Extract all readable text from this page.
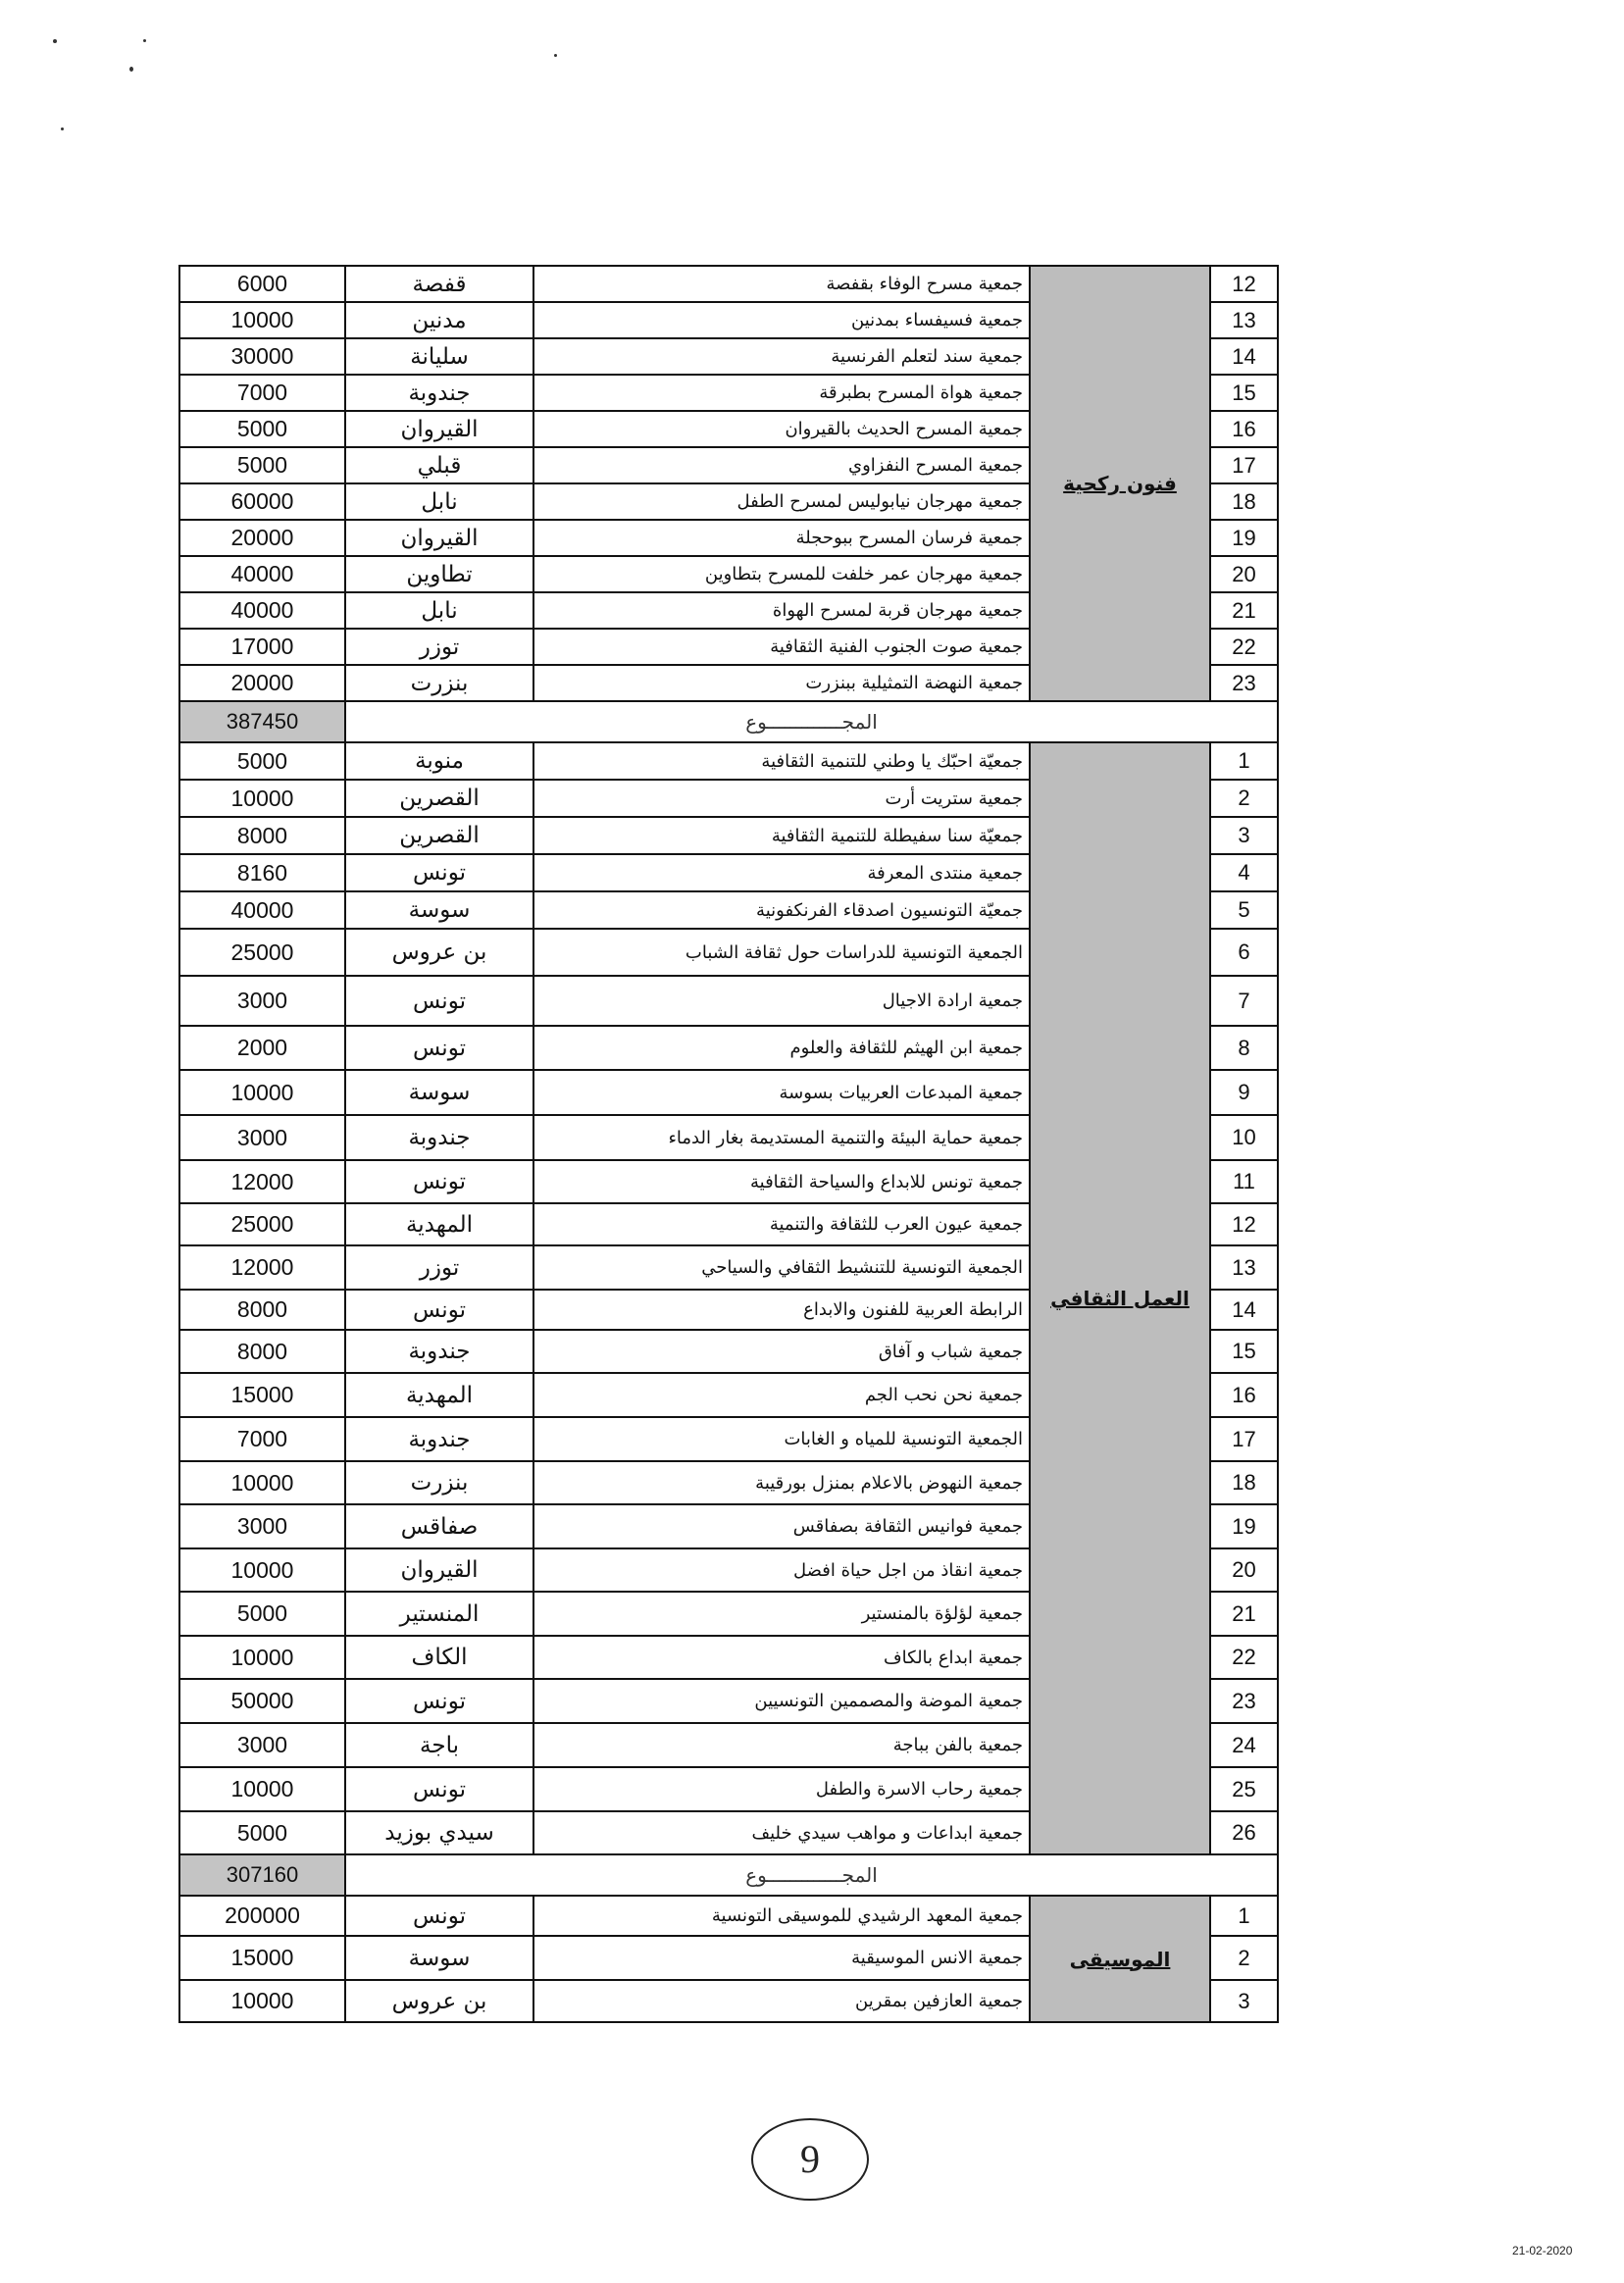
6000	قفصة	جمعية مسرح الوفاء بقفصة	فنون ركحية	12
10000	مدنين	جمعية فسيفساء بمدنين		13
30000	سليانة	جمعية سند لتعلم الفرنسية		14
7000	جندوبة	جمعية هواة المسرح بطبرقة		15
5000	القيروان	جمعية المسرح الحديث بالقيروان		16
5000	قبلي	جمعية المسرح النفزاوي		17
60000	نابل	جمعية مهرجان نيابوليس لمسرح الطفل		18
20000	القيروان	جمعية فرسان المسرح ببوحجلة		19
40000	تطاوين	جمعية مهرجان عمر خلفت للمسرح بتطاوين		20
40000	نابل	جمعية مهرجان قربة لمسرح الهواة		21
17000	توزر	جمعية صوت الجنوب الفنية الثقافية		22
20000	بنزرت	جمعية النهضة التمثيلية ببنزرت		23
387450	المجـــــــــــــوع			
5000	منوبة	جمعيّة احبّك يا وطني للتنمية الثقافية	العمل الثقافي	1
10000	القصرين	جمعية ستريت أرت		2
8000	القصرين	جمعيّة سنا سفيطلة للتنمية الثقافية		3
8160	تونس	جمعية منتدى المعرفة		4
40000	سوسة	جمعيّة التونسيون اصدقاء الفرنكفونية		5
25000	بن عروس	الجمعية التونسية للدراسات حول ثقافة الشباب		6
3000	تونس	جمعية ارادة الاجيال		7
2000	تونس	جمعية ابن الهيثم للثقافة والعلوم		8
10000	سوسة	جمعية المبدعات العربيات بسوسة		9
3000	جندوبة	جمعية حماية البيئة والتنمية المستديمة بغار الدماء		10
12000	تونس	جمعية تونس للابداع والسياحة الثقافية		11
25000	المهدية	جمعية عيون العرب للثقافة والتنمية		12
12000	توزر	الجمعية التونسية للتنشيط الثقافي والسياحي		13
8000	تونس	الرابطة العربية للفنون والابداع		14
8000	جندوبة	جمعية شباب و آفاق		15
15000	المهدية	جمعية نحن نحب الجم		16
7000	جندوبة	الجمعية التونسية للمياه و الغابات		17
10000	بنزرت	جمعية النهوض بالاعلام بمنزل بورقيبة		18
3000	صفاقس	جمعية فوانيس الثقافة بصفاقس		19
10000	القيروان	جمعية انقاذ من اجل حياة افضل		20
5000	المنستير	جمعية لؤلؤة بالمنستير		21
10000	الكاف	جمعية ابداع بالكاف		22
50000	تونس	جمعية الموضة والمصممين التونسيين		23
3000	باجة	جمعية بالفن بباجة		24
10000	تونس	جمعية رحاب الاسرة والطفل		25
5000	سيدي بوزيد	جمعية ابداعات و مواهب سيدي خليف		26
307160	المجـــــــــــــوع			
200000	تونس	جمعية المعهد الرشيدي للموسيقى التونسية	الموسيقى	1
15000	سوسة	جمعية الانس الموسيقية		2
10000	بن عروس	جمعية العازفين بمقرين		3
9
21-02-2020
